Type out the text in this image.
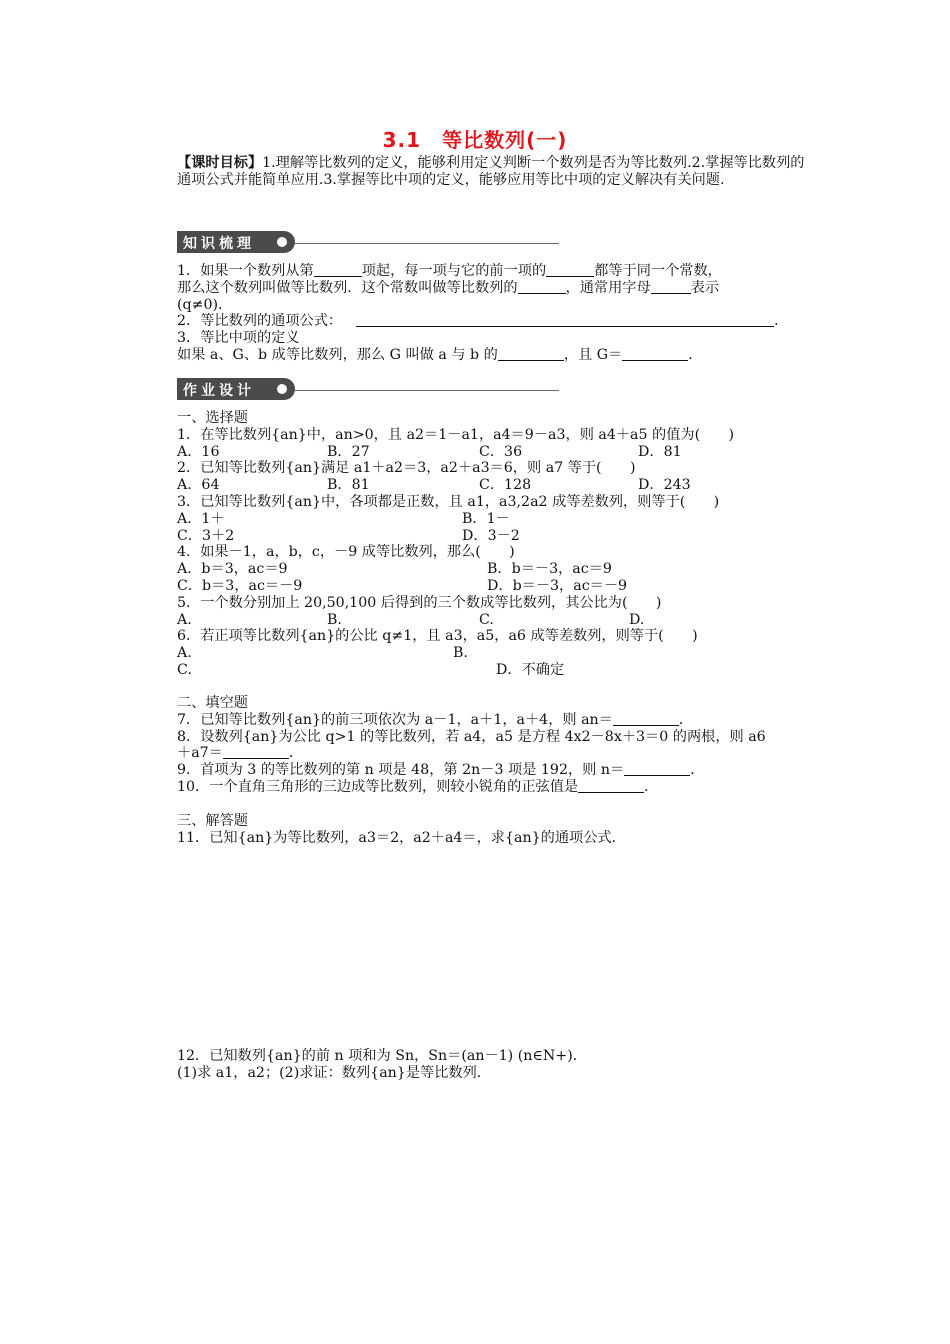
3.1　等比数列(一)
【课时目标】1.理解等比数列的定义，能够利用定义判断一个数列是否为等比数列.2.掌握等比数列的通项公式并能简单应用.3.掌握等比中项的定义，能够应用等比中项的定义解决有关问题.
知识梳理
1．如果一个数列从第	项起，每一项与它的前一项的	都等于同一个常数，
那么这个数列叫做等比数列．这个常数叫做等比数列的	，通常用字母	表示
(q≠0)．
2．等比数列的通项公式：	．
3．等比中项的定义
如果 a、G、b 成等比数列，那么 G 叫做 a 与 b 的	，且 G＝	．
作业设计
一、选择题
1．在等比数列{an}中，an>0，且 a2＝1－a1，a4＝9－a3，则 a4＋a5 的值为(　　)
A．16	B．27	C．36	D．81
2．已知等比数列{an}满足 a1＋a2＝3，a2＋a3＝6，则 a7 等于(　　)
A．64	B．81	C．128	D．243
3．已知等比数列{an}中，各项都是正数，且 a1，a3,2a2 成等差数列，则等于(　　)
A．1＋	B．1－
C．3＋2	D．3－2
4．如果－1，a，b，c，－9 成等比数列，那么(　　)
A．b＝3，ac＝9	B．b＝－3，ac＝9
C．b＝3，ac＝－9	D．b＝－3，ac＝－9
5．一个数分别加上 20,50,100 后得到的三个数成等比数列，其公比为(　　)
A.	B.	C.	D.
6．若正项等比数列{an}的公比 q≠1，且 a3，a5，a6 成等差数列，则等于(　　)
A.	B.
C.	D．不确定
二、填空题
7．已知等比数列{an}的前三项依次为 a－1，a＋1，a＋4，则 an＝	．
8．设数列{an}为公比 q>1 的等比数列，若 a4，a5 是方程 4x2－8x＋3＝0 的两根，则 a6
＋a7＝	．
9．首项为 3 的等比数列的第 n 项是 48，第 2n－3 项是 192，则 n＝	．
10．一个直角三角形的三边成等比数列，则较小锐角的正弦值是	．
三、解答题
11．已知{an}为等比数列，a3＝2，a2＋a4＝，求{an}的通项公式.
12．已知数列{an}的前 n 项和为 Sn，Sn＝(an－1) (n∈N+)．
(1)求 a1，a2；(2)求证：数列{an}是等比数列.
